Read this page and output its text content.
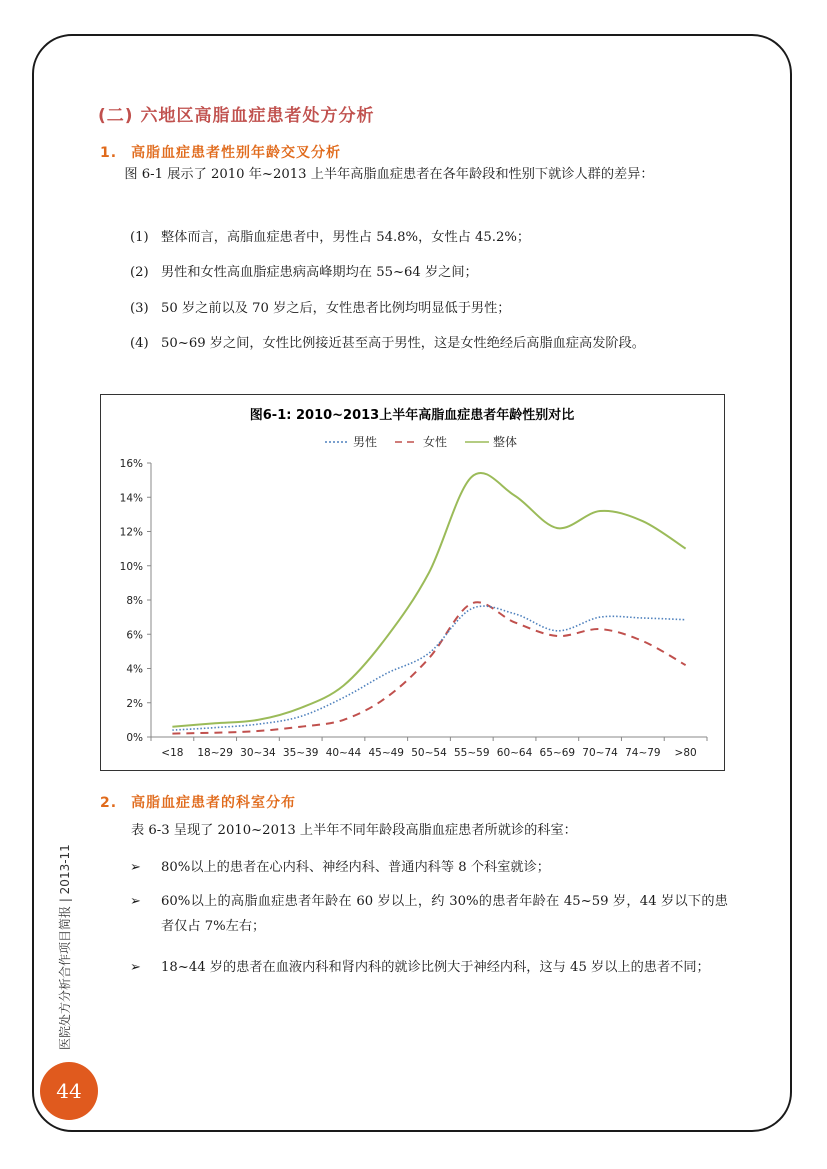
(二) 六地区高脂血症患者处方分析
1. 高脂血症患者性别年龄交叉分析

图 6-1 展示了 2010 年~2013 上半年高脂血症患者在各年龄段和性别下就诊人群的差异：

(1) 整体而言，高脂血症患者中，男性占 54.8%，女性占 45.2%；
(2) 男性和女性高血脂症患病高峰期均在 55~64 岁之间；
(3) 50 岁之前以及 70 岁之后，女性患者比例均明显低于男性；
(4) 50~69 岁之间，女性比例接近甚至高于男性，这是女性绝经后高脂血症高发阶段。
图6-1: 2010~2013上半年高脂血症患者年龄性别对比
男性	女性	整体
0%
2%
4%
6%
8%
10%
12%
14%
16%
<18 18~29 30~34 35~39 40~44 45~49 50~54 55~59 60~64 65~69 70~74 74~79 >80
2. 高脂血症患者的科室分布

表 6-3 呈现了 2010~2013 上半年不同年龄段高脂血症患者所就诊的科室：

➢	80%以上的患者在心内科、神经内科、普通内科等 8 个科室就诊；
➢	60%以上的高脂血症患者年龄在 60 岁以上，约 30%的患者年龄在 45~59 岁，44 岁以下的患者仅占 7%左右；
➢	18~44 岁的患者在血液内科和肾内科的就诊比例大于神经内科，这与 45 岁以上的患者不同；
医院处方分析合作项目简报 | 2013-11
44
